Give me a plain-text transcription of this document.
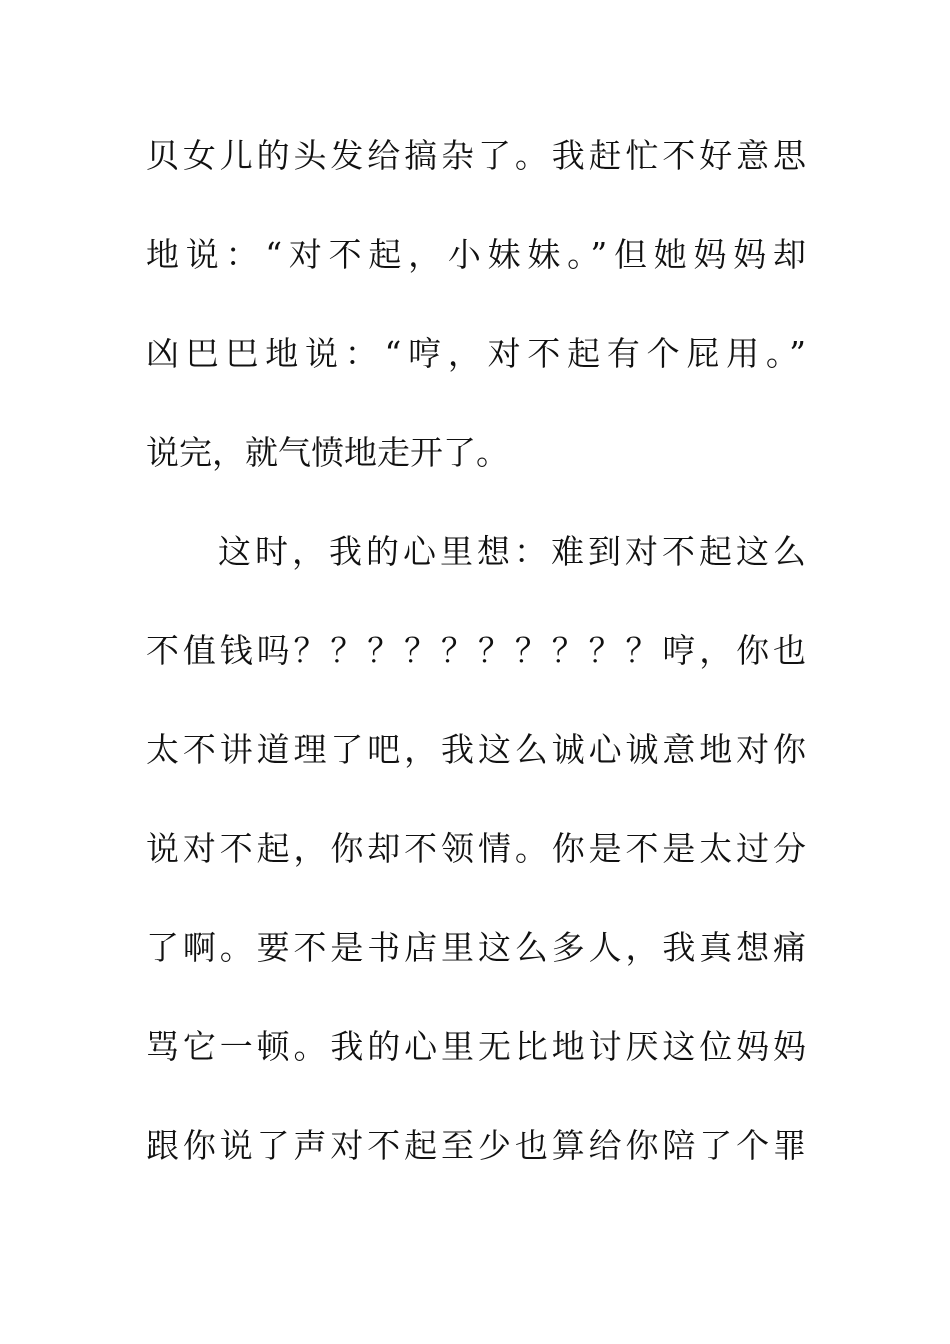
贝女儿的头发给搞杂了。我赶忙不好意思
地说：“对不起，小妹妹。”但她妈妈却
凶巴巴地说：“哼，对不起有个屁用。”
说完，就气愤地走开了。
这时，我的心里想：难到对不起这么
不值钱吗？？？？？？？？？？哼，你也
太不讲道理了吧，我这么诚心诚意地对你
说对不起，你却不领情。你是不是太过分
了啊。要不是书店里这么多人，我真想痛
骂它一顿。我的心里无比地讨厌这位妈妈
跟你说了声对不起至少也算给你陪了个罪
